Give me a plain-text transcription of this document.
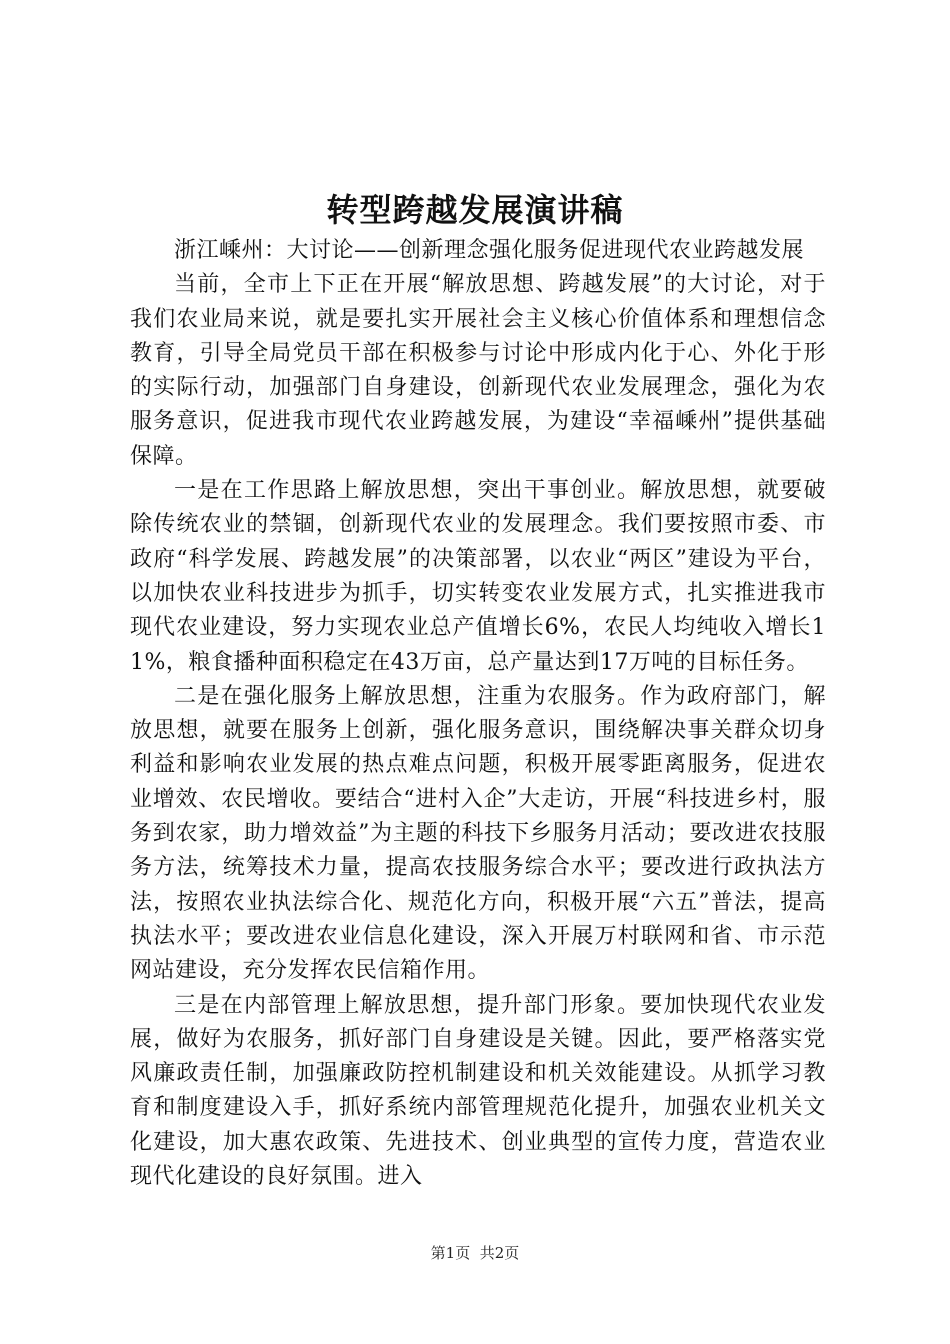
转型跨越发展演讲稿

浙江嵊州：大讨论——创新理念强化服务促进现代农业跨越发展

当前，全市上下正在开展“解放思想、跨越发展”的大讨论，对于我们农业局来说，就是要扎实开展社会主义核心价值体系和理想信念教育，引导全局党员干部在积极参与讨论中形成内化于心、外化于形的实际行动，加强部门自身建设，创新现代农业发展理念，强化为农服务意识，促进我市现代农业跨越发展，为建设“幸福嵊州”提供基础保障。

一是在工作思路上解放思想，突出干事创业。解放思想，就要破除传统农业的禁锢，创新现代农业的发展理念。我们要按照市委、市政府“科学发展、跨越发展”的决策部署，以农业“两区”建设为平台，以加快农业科技进步为抓手，切实转变农业发展方式，扎实推进我市现代农业建设，努力实现农业总产值增长6%，农民人均纯收入增长11%，粮食播种面积稳定在43万亩，总产量达到17万吨的目标任务。

二是在强化服务上解放思想，注重为农服务。作为政府部门，解放思想，就要在服务上创新，强化服务意识，围绕解决事关群众切身利益和影响农业发展的热点难点问题，积极开展零距离服务，促进农业增效、农民增收。要结合“进村入企”大走访，开展“科技进乡村，服务到农家，助力增效益”为主题的科技下乡服务月活动；要改进农技服务方法，统筹技术力量，提高农技服务综合水平；要改进行政执法方法，按照农业执法综合化、规范化方向，积极开展“六五”普法，提高执法水平；要改进农业信息化建设，深入开展万村联网和省、市示范网站建设，充分发挥农民信箱作用。

三是在内部管理上解放思想，提升部门形象。要加快现代农业发展，做好为农服务，抓好部门自身建设是关键。因此，要严格落实党风廉政责任制，加强廉政防控机制建设和机关效能建设。从抓学习教育和制度建设入手，抓好系统内部管理规范化提升，加强农业机关文化建设，加大惠农政策、先进技术、创业典型的宣传力度，营造农业现代化建设的良好氛围。进入

第1页 共2页
